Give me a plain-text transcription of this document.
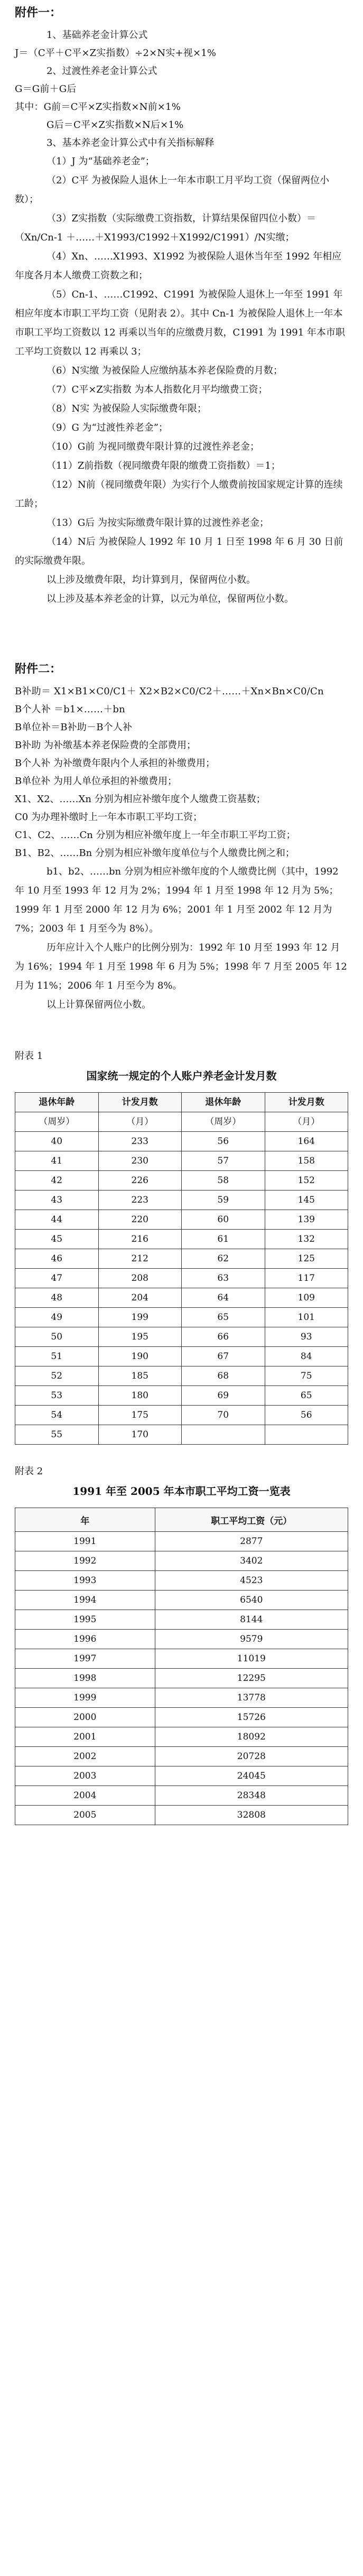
附件一：

1、基础养老金计算公式

J＝（C平＋C平×Z实指数）÷2×N实+视×1%

2、过渡性养老金计算公式

G＝G前＋G后

其中：G前＝C平×Z实指数×N前×1%

G后＝C平×Z实指数×N后×1%

3、基本养老金计算公式中有关指标解释

（1）J 为“基础养老金”；

（2）C平 为被保险人退休上一年本市职工月平均工资（保留两位小数）；

（3）Z实指数（实际缴费工资指数，计算结果保留四位小数）＝（Xn/Cn-1 ＋……＋X1993/C1992＋X1992/C1991）/N实缴；

（4）Xn、……X1993、X1992 为被保险人退休当年至 1992 年相应年度各月本人缴费工资数之和；

（5）Cn-1、……C1992、C1991 为被保险人退休上一年至 1991 年相应年度本市职工平均工资（见附表 2）。其中 Cn-1 为被保险人退休上一年本市职工平均工资数以 12 再乘以当年的应缴费月数，C1991 为 1991 年本市职工平均工资数以 12 再乘以 3；

（6）N实缴 为被保险人应缴纳基本养老保险费的月数；

（7）C平×Z实指数 为本人指数化月平均缴费工资；

（8）N实 为被保险人实际缴费年限；

（9）G 为“过渡性养老金”；

（10）G前 为视同缴费年限计算的过渡性养老金；

（11）Z前指数（视同缴费年限的缴费工资指数）＝1；

（12）N前（视同缴费年限）为实行个人缴费前按国家规定计算的连续工龄；

（13）G后 为按实际缴费年限计算的过渡性养老金；

（14）N后 为被保险人 1992 年 10 月 1 日至 1998 年 6 月 30 日前的实际缴费年限。

以上涉及缴费年限，均计算到月，保留两位小数。

以上涉及基本养老金的计算，以元为单位，保留两位小数。

附件二：

B补助＝ X1×B1×C0/C1＋ X2×B2×C0/C2＋……＋Xn×Bn×C0/Cn

B个人补 ＝b1×……＋bn

B单位补＝B补助－B个人补

B补助 为补缴基本养老保险费的全部费用；

B个人补 为补缴费年限内个人承担的补缴费用；

B单位补 为用人单位承担的补缴费用；

X1、X2、……Xn 分别为相应补缴年度个人缴费工资基数；

C0 为办理补缴时上一年本市职工平均工资；

C1、C2、……Cn 分别为相应补缴年度上一年全市职工平均工资；

B1、B2、……Bn 分别为相应补缴年度单位与个人缴费比例之和；

b1、b2、……bn 分别为相应补缴年度的个人缴费比例（其中，1992 年 10 月至 1993 年 12 月为 2%；1994 年 1 月至 1998 年 12 月为 5%；1999 年 1 月至 2000 年 12 月为 6%；2001 年 1 月至 2002 年 12 月为 7%；2003 年 1 月至今为 8%）。

历年应计入个人账户的比例分别为：1992 年 10 月至 1993 年 12 月为 16%；1994 年 1 月至 1998 年 6 月为 5%；1998 年 7 月至 2005 年 12 月为 11%；2006 年 1 月至今为 8%。

以上计算保留两位小数。

附表 1
国家统一规定的个人账户养老金计发月数
退休年龄	计发月数	退休年龄	计发月数
（周岁）	（月）	（周岁）	（月）
40	233	56	164
41	230	57	158
42	226	58	152
43	223	59	145
44	220	60	139
45	216	61	132
46	212	62	125
47	208	63	117
48	204	64	109
49	199	65	101
50	195	66	93
51	190	67	84
52	185	68	75
53	180	69	65
54	175	70	56
55	170		
附表 2
1991 年至 2005 年本市职工平均工资一览表
年	职工平均工资（元）
1991	2877
1992	3402
1993	4523
1994	6540
1995	8144
1996	9579
1997	11019
1998	12295
1999	13778
2000	15726
2001	18092
2002	20728
2003	24045
2004	28348
2005	32808
